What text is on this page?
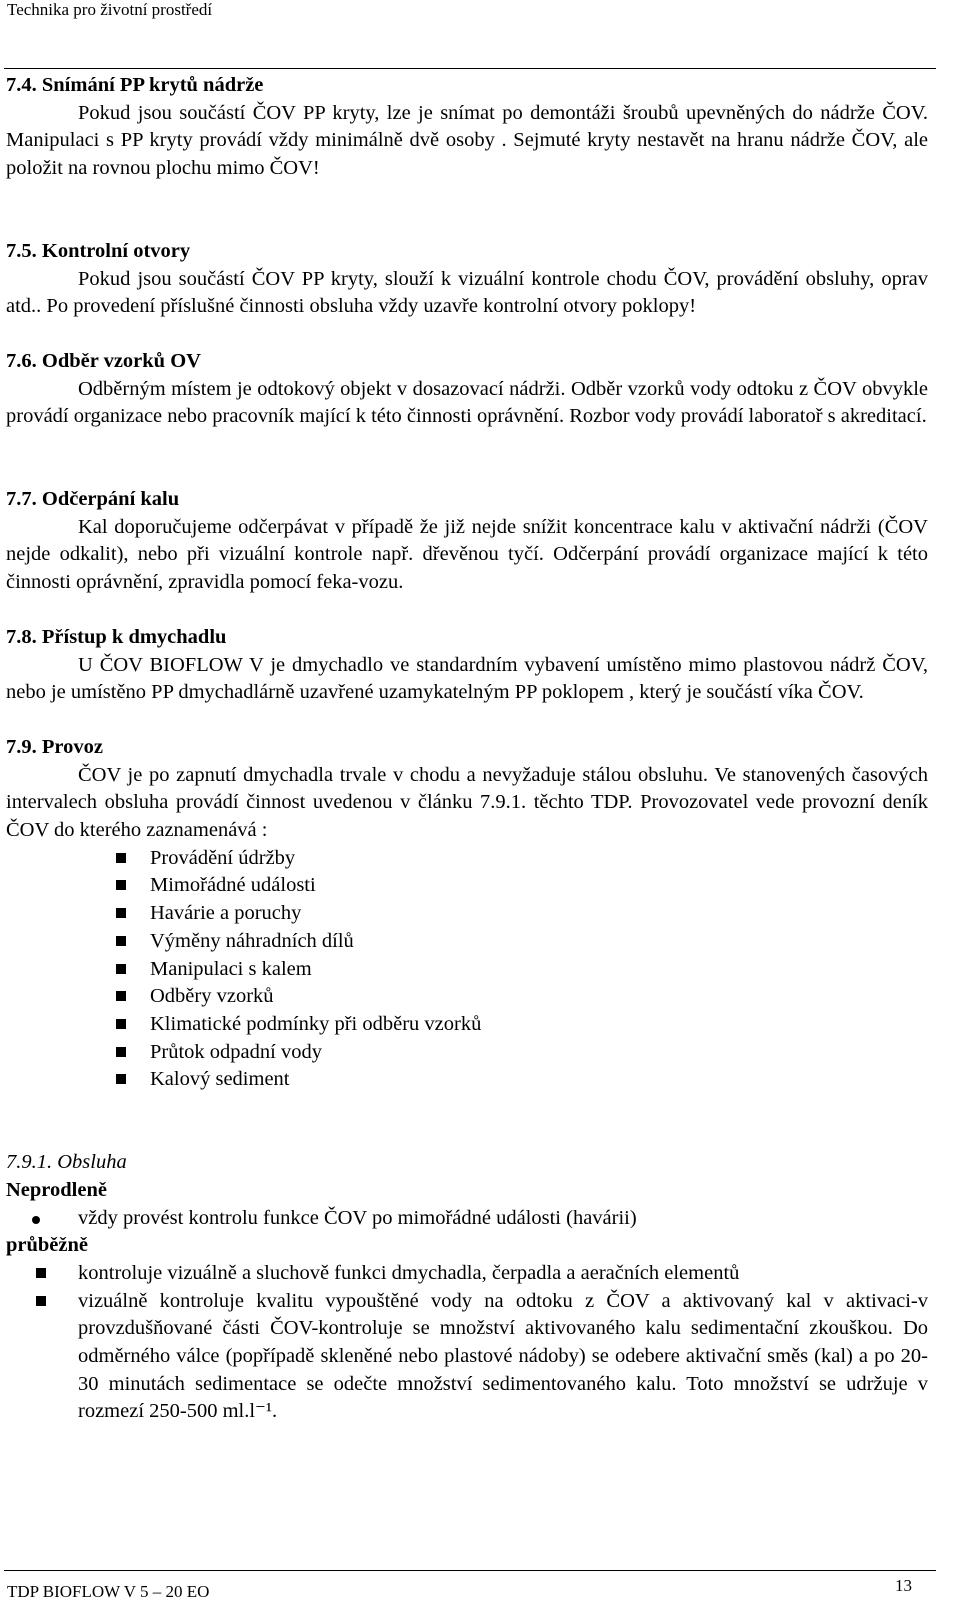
Technika pro životní prostředí
7.4. Snímání PP krytů nádrže
Pokud jsou součástí ČOV PP kryty, lze je snímat po demontáži šroubů upevněných do nádrže ČOV. Manipulaci s PP kryty provádí vždy minimálně dvě osoby . Sejmuté kryty nestavět na hranu nádrže ČOV, ale položit na rovnou plochu mimo ČOV!
7.5. Kontrolní otvory
Pokud jsou součástí ČOV PP kryty, slouží k vizuální kontrole chodu ČOV, provádění obsluhy, oprav atd.. Po provedení příslušné činnosti obsluha vždy uzavře kontrolní otvory poklopy!
7.6. Odběr vzorků OV
Odběrným místem je odtokový objekt v dosazovací nádrži. Odběr vzorků vody odtoku z ČOV obvykle provádí organizace nebo pracovník mající k této činnosti oprávnění. Rozbor vody provádí laboratoř s akreditací.
7.7. Odčerpání kalu
Kal doporučujeme odčerpávat v případě že již nejde snížit koncentrace kalu v aktivační nádrži (ČOV nejde odkalit), nebo při vizuální kontrole např. dřevěnou tyčí. Odčerpání provádí organizace mající k této činnosti oprávnění, zpravidla pomocí feka-vozu.
7.8. Přístup k dmychadlu
U ČOV BIOFLOW V je dmychadlo ve standardním vybavení umístěno mimo plastovou nádrž ČOV, nebo je umístěno PP dmychadlárně uzavřené uzamykatelným PP poklopem , který je součástí víka ČOV.
7.9. Provoz
ČOV je po zapnutí dmychadla trvale v chodu a nevyžaduje stálou obsluhu. Ve stanovených časových intervalech obsluha provádí činnost uvedenou v článku 7.9.1. těchto TDP. Provozovatel vede provozní deník ČOV do kterého zaznamenává :
Provádění údržby
Mimořádné události
Havárie a poruchy
Výměny náhradních dílů
Manipulaci s kalem
Odběry vzorků
Klimatické podmínky při odběru vzorků
Průtok odpadní vody
Kalový sediment
7.9.1. Obsluha
Neprodleně
vždy provést kontrolu funkce ČOV po mimořádné události (havárii)
průběžně
kontroluje vizuálně a sluchově funkci dmychadla, čerpadla a aeračních elementů
vizuálně kontroluje kvalitu vypouštěné vody na odtoku z ČOV a aktivovaný kal v aktivaci-v provzdušňované části ČOV-kontrolujе se množství aktivovaného kalu sedimentační zkouškou. Do odměrného válce (popřípadě skleněné nebo plastové nádoby) se odebere aktivační směs (kal) a po 20-30 minutách sedimentace se odečte množství sedimentovaného kalu. Toto množství se udržuje v rozmezí 250-500 ml.l⁻¹.
TDP BIOFLOW V 5 – 20 EO	13
